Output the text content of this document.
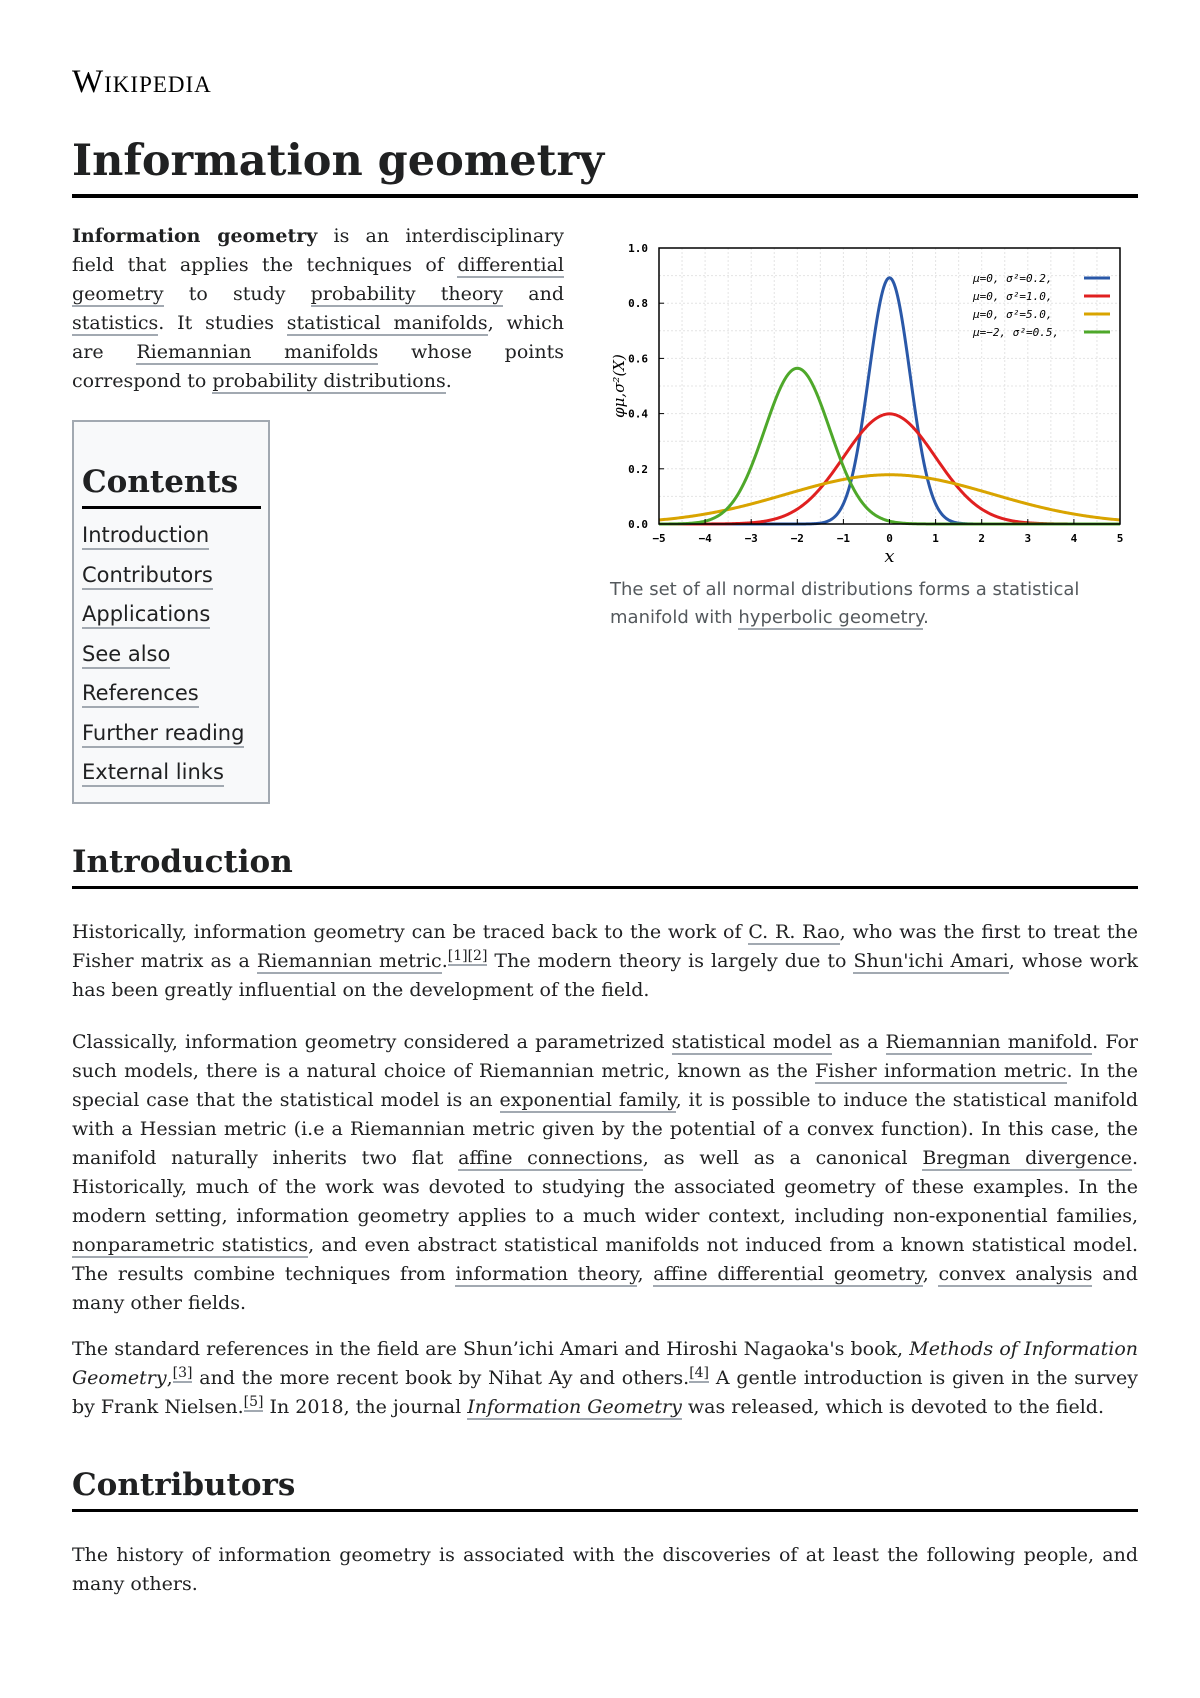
Wikipedia
Information geometry

Information geometry is an interdisciplinary field that applies the techniques of differential geometry to study probability theory and statistics. It studies statistical manifolds, which are Riemannian manifolds whose points correspond to probability distributions.

Contents
Introduction
Contributors
Applications
See also
References
Further reading
External links
−5	−4	−3	−2	−1	0	1	2	3	4	5
0.0
0.2
0.4
0.6
0.8
1.0
μ=0, σ²=0.2,
μ=0, σ²=1.0,
μ=0, σ²=5.0,
μ=−2, σ²=0.5,
x
φμ,σ²(X)
The set of all normal distributions forms a statistical manifold with hyperbolic geometry.
Introduction

Historically, information geometry can be traced back to the work of C. R. Rao, who was the first to treat the Fisher matrix as a Riemannian metric.[1][2] The modern theory is largely due to Shun'ichi Amari, whose work has been greatly influential on the development of the field.

Classically, information geometry considered a parametrized statistical model as a Riemannian manifold. For such models, there is a natural choice of Riemannian metric, known as the Fisher information metric. In the special case that the statistical model is an exponential family, it is possible to induce the statistical manifold with a Hessian metric (i.e a Riemannian metric given by the potential of a convex function). In this case, the manifold naturally inherits two flat affine connections, as well as a canonical Bregman divergence. Historically, much of the work was devoted to studying the associated geometry of these examples. In the modern setting, information geometry applies to a much wider context, including non-exponential families, nonparametric statistics, and even abstract statistical manifolds not induced from a known statistical model. The results combine techniques from information theory, affine differential geometry, convex analysis and many other fields.

The standard references in the field are Shun’ichi Amari and Hiroshi Nagaoka's book, Methods of Information Geometry,[3] and the more recent book by Nihat Ay and others.[4] A gentle introduction is given in the survey by Frank Nielsen.[5] In 2018, the journal Information Geometry was released, which is devoted to the field.

Contributors

The history of information geometry is associated with the discoveries of at least the following people, and many others.
